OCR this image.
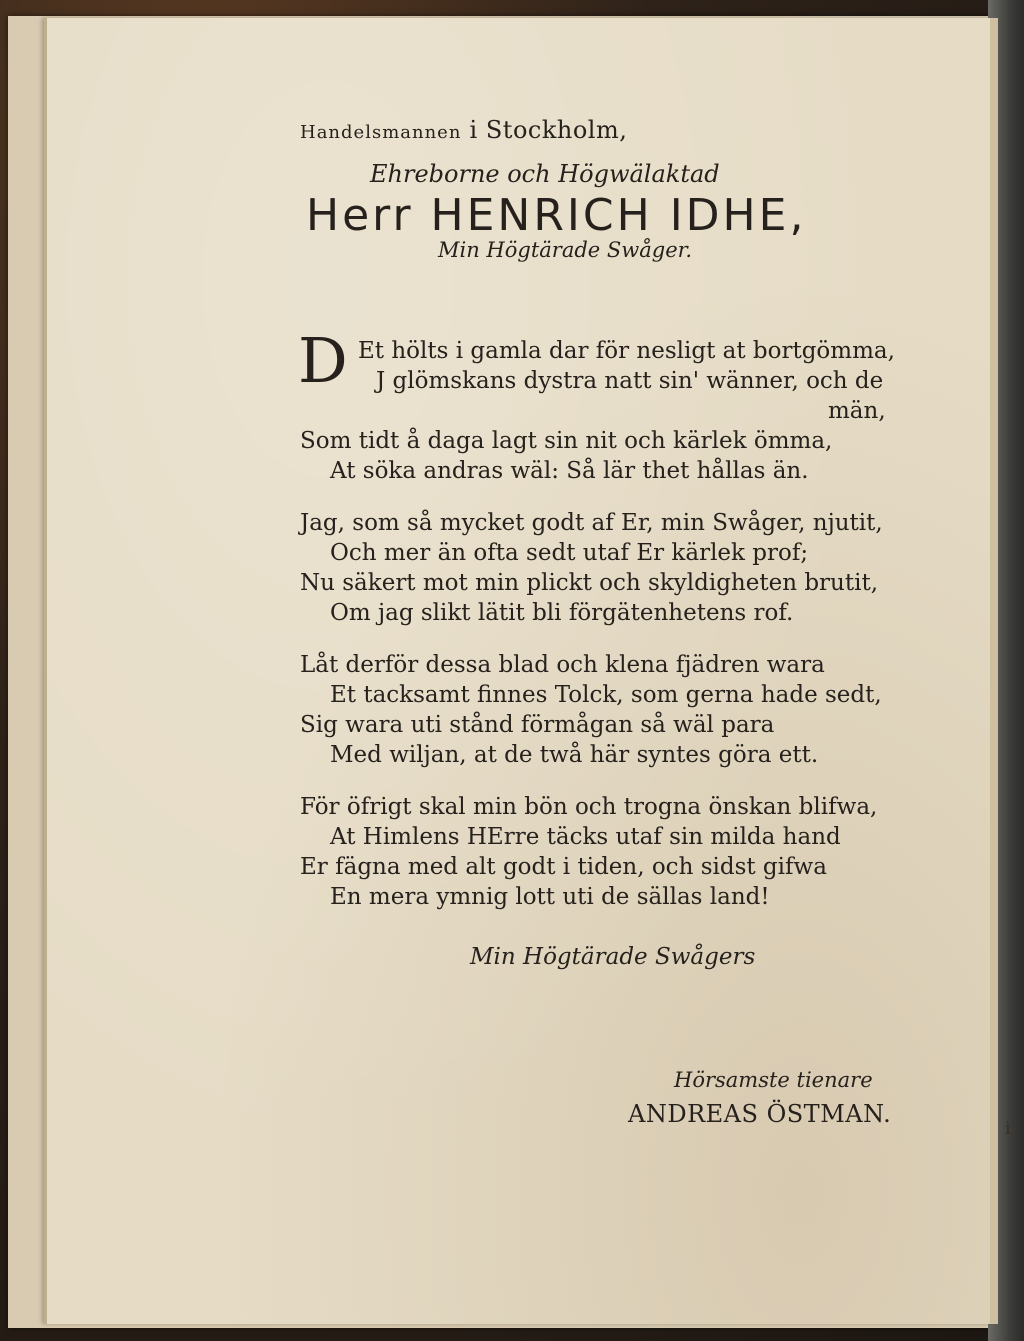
i
Handelsmannen i Stockholm,
Ehreborne och Högwälaktad
Herr HENRICH IDHE,
Min Högtärade Swåger.
D Et hölts i gamla dar för nesligt at bortgömma,
J glömskans dystra natt sin' wänner, och de
män,
Som tidt å daga lagt sin nit och kärlek ömma,
At söka andras wäl: Så lär thet hållas än.
Jag, som så mycket godt af Er, min Swåger, njutit,
Och mer än ofta sedt utaf Er kärlek prof;
Nu säkert mot min plickt och skyldigheten brutit,
Om jag slikt lätit bli förgätenhetens rof.
Låt derför dessa blad och klena fjädren wara
Et tacksamt finnes Tolck, som gerna hade sedt,
Sig wara uti stånd förmågan så wäl para
Med wiljan, at de twå här syntes göra ett.
För öfrigt skal min bön och trogna önskan blifwa,
At Himlens HErre täcks utaf sin milda hand
Er fägna med alt godt i tiden, och sidst gifwa
En mera ymnig lott uti de sällas land!
Min Högtärade Swågers
Hörsamste tienare
ANDREAS ÖSTMAN.
